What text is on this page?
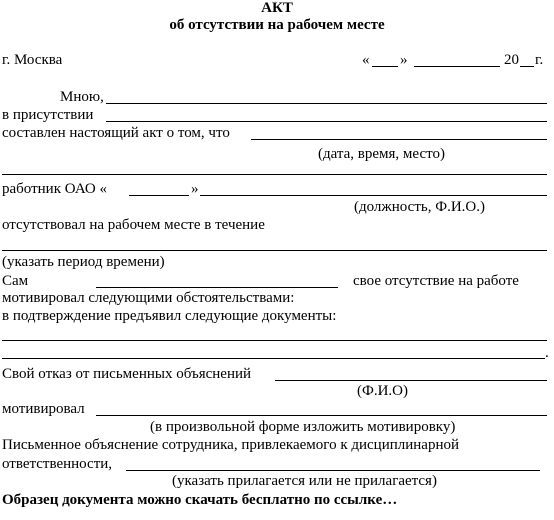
АКТ
об отсутствии на рабочем месте
г. Москва	« »	20 г.
Мною,
в присутствии
составлен настоящий акт о том, что
(дата, время, место)
работник ОАО «	»
(должность, Ф.И.О.)
отсутствовал на рабочем месте в течение
(указать период времени)
Сам	свое отсутствие на работе
мотивировал следующими обстоятельствами:
в подтверждение предъявил следующие документы:
.
Свой отказ от письменных объяснений
(Ф.И.О)
мотивировал
(в произвольной форме изложить мотивировку)
Письменное объяснение сотрудника, привлекаемого к дисциплинарной
ответственности,
(указать прилагается или не прилагается)
Образец документа можно скачать бесплатно по ссылке…
